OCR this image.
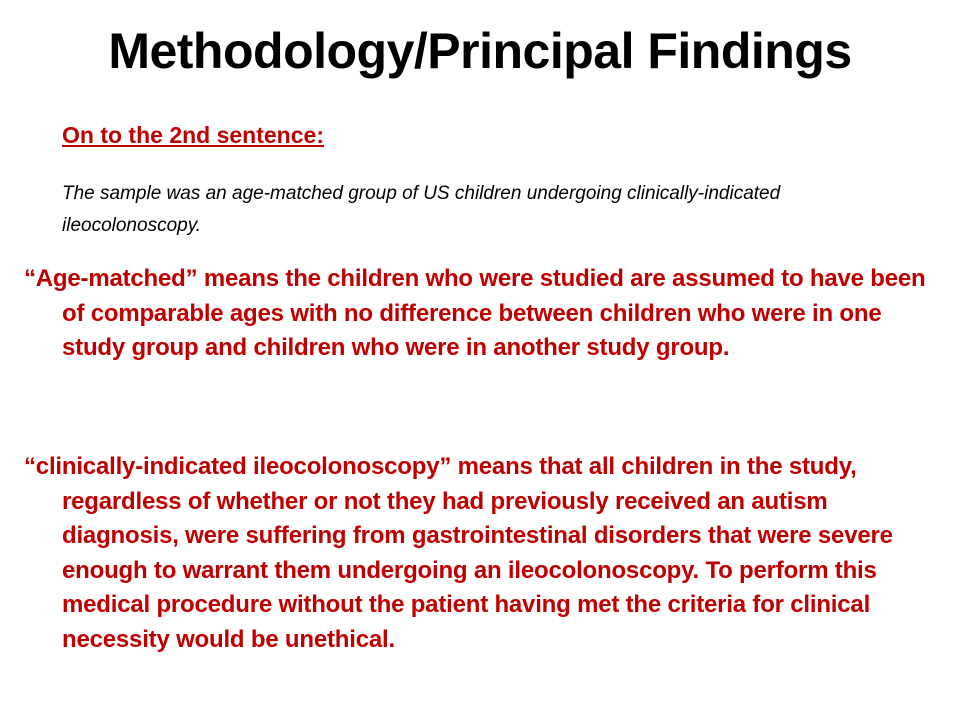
Methodology/Principal Findings

On to the 2nd sentence:

The sample was an age-matched group of US children undergoing clinically-indicated ileocolonoscopy.

“Age-matched” means the children who were studied are assumed to have been of comparable ages with no difference between children who were in one study group and children who were in another study group.

“clinically-indicated ileocolonoscopy” means that all children in the study, regardless of whether or not they had previously received an autism diagnosis, were suffering from gastrointestinal disorders that were severe enough to warrant them undergoing an ileocolonoscopy. To perform this medical procedure without the patient having met the criteria for clinical necessity would be unethical.
